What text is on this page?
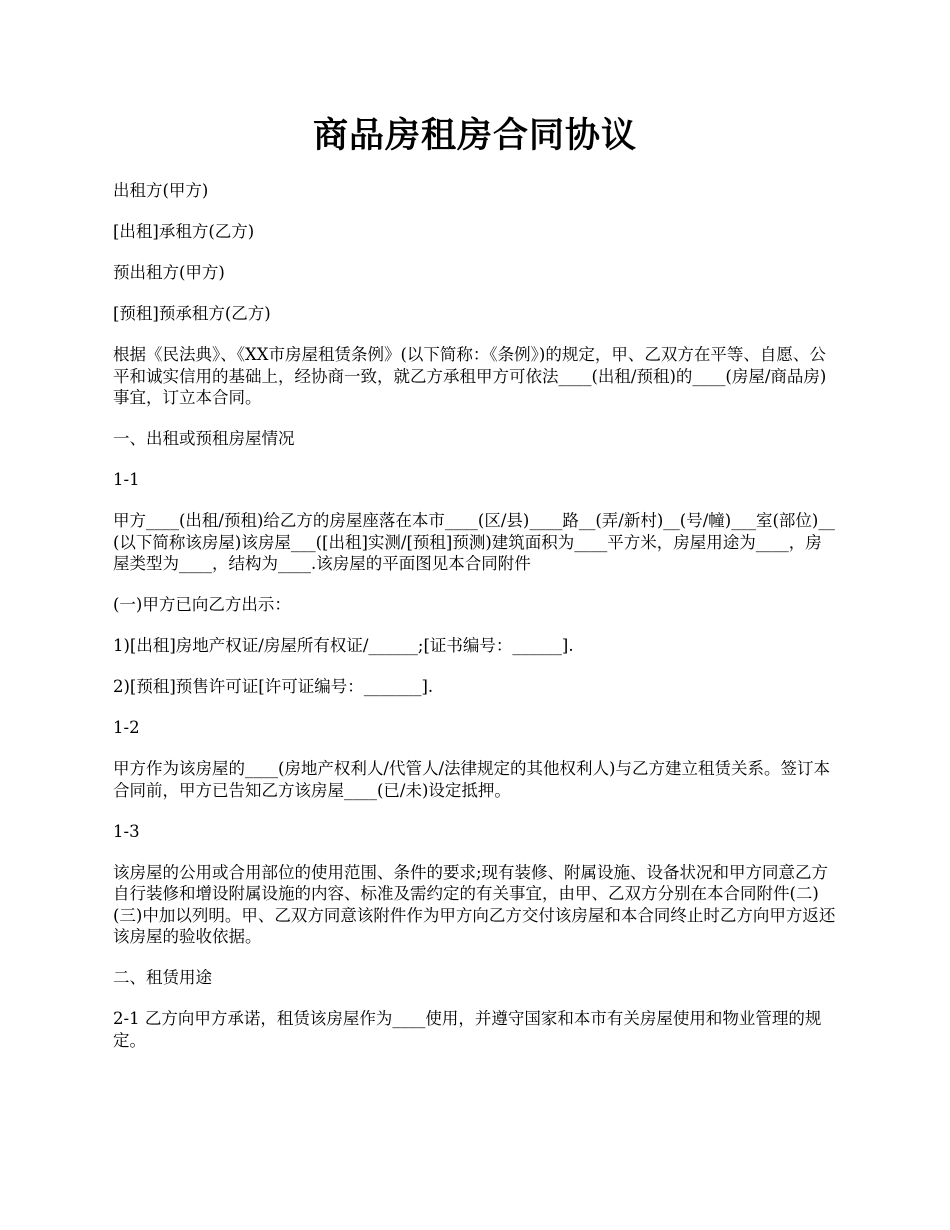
商品房租房合同协议

出租方(甲方)

[出租]承租方(乙方)

预出租方(甲方)

[预租]预承租方(乙方)

根据《民法典》、《XX市房屋租赁条例》(以下简称：《条例》)的规定，甲、乙双方在平等、自愿、公平和诚实信用的基础上，经协商一致，就乙方承租甲方可依法____(出租/预租)的____(房屋/商品房)事宜，订立本合同。

一、出租或预租房屋情况

1-1

甲方____(出租/预租)给乙方的房屋座落在本市____(区/县)____路__(弄/新村)__(号/幢)___室(部位)__(以下简称该房屋)该房屋___([出租]实测/[预租]预测)建筑面积为____平方米，房屋用途为____，房屋类型为____，结构为____.该房屋的平面图见本合同附件

(一)甲方已向乙方出示：

1)[出租]房地产权证/房屋所有权证/______;[证书编号：______].

2)[预租]预售许可证[许可证编号：_______].

1-2

甲方作为该房屋的____(房地产权利人/代管人/法律规定的其他权利人)与乙方建立租赁关系。签订本合同前，甲方已告知乙方该房屋____(已/未)设定抵押。

1-3

该房屋的公用或合用部位的使用范围、条件的要求;现有装修、附属设施、设备状况和甲方同意乙方自行装修和增设附属设施的内容、标准及需约定的有关事宜，由甲、乙双方分别在本合同附件(二)(三)中加以列明。甲、乙双方同意该附件作为甲方向乙方交付该房屋和本合同终止时乙方向甲方返还该房屋的验收依据。

二、租赁用途

2-1 乙方向甲方承诺，租赁该房屋作为____使用，并遵守国家和本市有关房屋使用和物业管理的规定。
